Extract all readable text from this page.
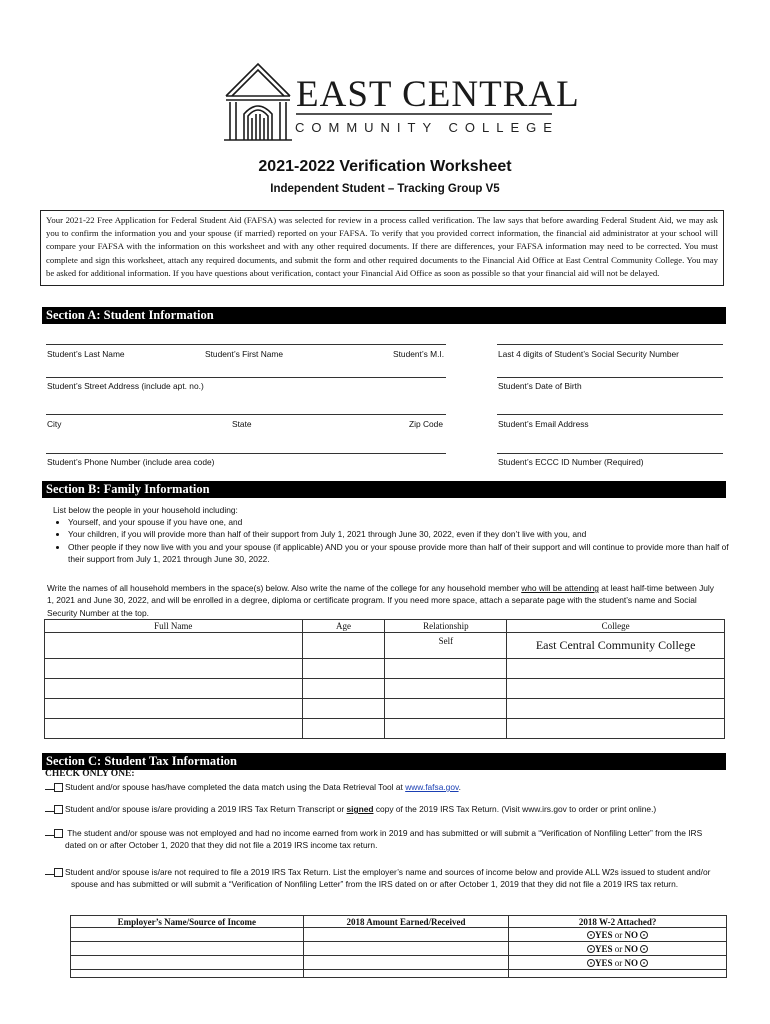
EAST CENTRAL
COMMUNITY COLLEGE
2021-2022 Verification Worksheet
Independent Student – Tracking Group V5
Your 2021-22 Free Application for Federal Student Aid (FAFSA) was selected for review in a process called verification. The law says that before awarding Federal Student Aid, we may ask you to confirm the information you and your spouse (if married) reported on your FAFSA. To verify that you provided correct information, the financial aid administrator at your school will compare your FAFSA with the information on this worksheet and with any other required documents. If there are differences, your FAFSA information may need to be corrected. You must complete and sign this worksheet, attach any required documents, and submit the form and other required documents to the Financial Aid Office at East Central Community College. You may be asked for additional information. If you have questions about verification, contact your Financial Aid Office as soon as possible so that your financial aid will not be delayed.
Section A: Student Information
Student’s Last Name	Student’s First Name	Student’s M.I.	Last 4 digits of Student’s Social Security Number
Student’s Street Address (include apt. no.)	Student’s Date of Birth
City	State	Zip Code	Student’s Email Address
Student’s Phone Number (include area code)	Student’s ECCC ID Number (Required)
Section B: Family Information
List below the people in your household including:
• Yourself, and your spouse if you have one, and
• Your children, if you will provide more than half of their support from July 1, 2021 through June 30, 2022, even if they don’t live with you, and
• Other people if they now live with you and your spouse (if applicable) AND you or your spouse provide more than half of their support and will continue to provide more than half of their support from July 1, 2021 through June 30, 2022.
Write the names of all household members in the space(s) below. Also write the name of the college for any household member who will be attending at least half-time between July 1, 2021 and June 30, 2022, and will be enrolled in a degree, diploma or certificate program. If you need more space, attach a separate page with the student’s name and Social Security Number at the top.
Full Name	Age	Relationship	College
		Self	East Central Community College

Section C: Student Tax Information
CHECK ONLY ONE:
Student and/or spouse has/have completed the data match using the Data Retrieval Tool at www.fafsa.gov.
Student and/or spouse is/are providing a 2019 IRS Tax Return Transcript or signed copy of the 2019 IRS Tax Return. (Visit www.irs.gov to order or print online.)
The student and/or spouse was not employed and had no income earned from work in 2019 and has submitted or will submit a “Verification of Nonfiling Letter” from the IRS dated on or after October 1, 2020 that they did not file a 2019 IRS income tax return.
Student and/or spouse is/are not required to file a 2019 IRS Tax Return. List the employer’s name and sources of income below and provide ALL W2s issued to student and/or spouse and has submitted or will submit a “Verification of Nonfiling Letter” from the IRS dated on or after October 1, 2019 that they did not file a 2019 IRS tax return.
Employer’s Name/Source of Income	2018 Amount Earned/Received	2018 W-2 Attached?
		YES or NO
		YES or NO
		YES or NO
